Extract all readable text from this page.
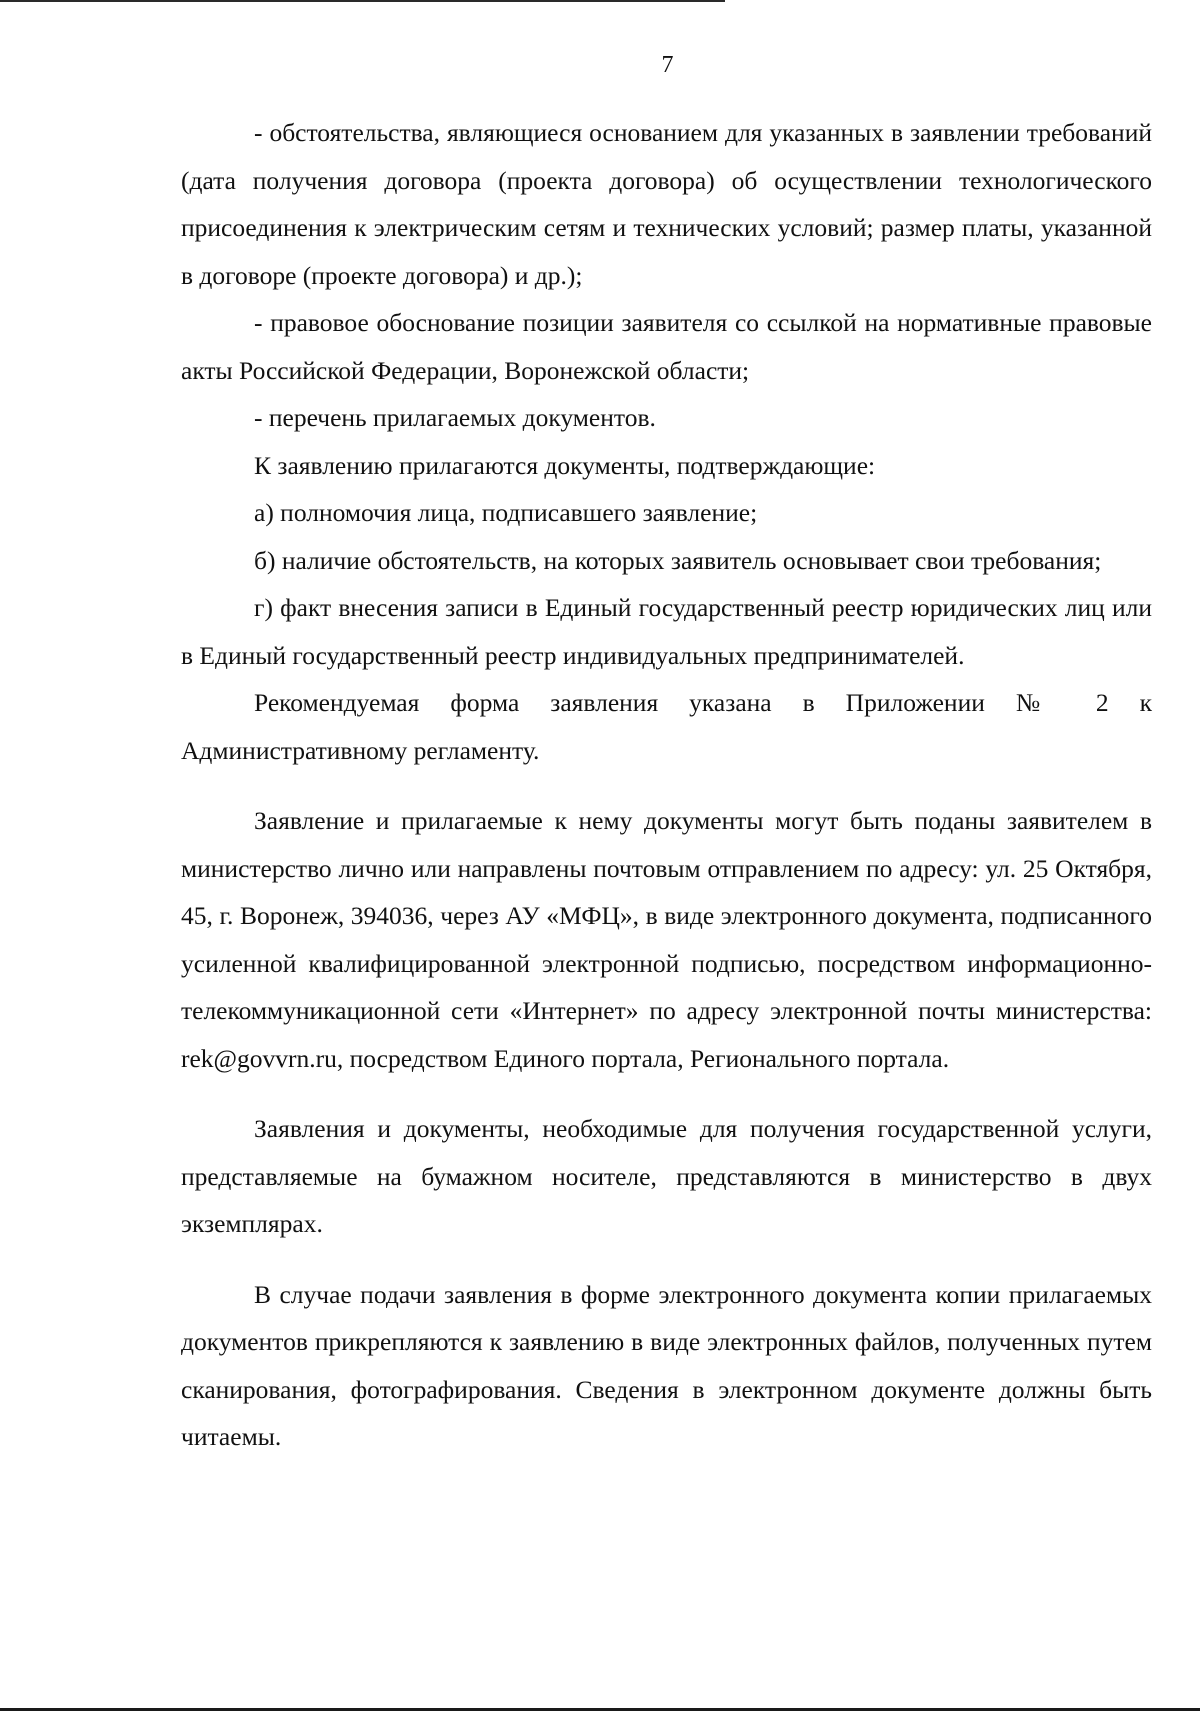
7

- обстоятельства, являющиеся основанием для указанных в заявлении требований (дата получения договора (проекта договора) об осуществлении технологического присоединения к электрическим сетям и технических условий; размер платы, указанной в договоре (проекте договора) и др.);

- правовое обоснование позиции заявителя со ссылкой на нормативные правовые акты Российской Федерации, Воронежской области;

- перечень прилагаемых документов.

К заявлению прилагаются документы, подтверждающие:

а) полномочия лица, подписавшего заявление;

б) наличие обстоятельств, на которых заявитель основывает свои требования;

г) факт внесения записи в Единый государственный реестр юридических лиц или в Единый государственный реестр индивидуальных предпринимателей.

Рекомендуемая форма заявления указана в Приложении № 2 к Административному регламенту.

Заявление и прилагаемые к нему документы могут быть поданы заявителем в министерство лично или направлены почтовым отправлением по адресу: ул. 25 Октября, 45, г. Воронеж, 394036, через АУ «МФЦ», в виде электронного документа, подписанного усиленной квалифицированной электронной подписью, посредством информационно-телекоммуникационной сети «Интернет» по адресу электронной почты министерства: rek@govvrn.ru, посредством Единого портала, Регионального портала.

Заявления и документы, необходимые для получения государственной услуги, представляемые на бумажном носителе, представляются в министерство в двух экземплярах.

В случае подачи заявления в форме электронного документа копии прилагаемых документов прикрепляются к заявлению в виде электронных файлов, полученных путем сканирования, фотографирования. Сведения в электронном документе должны быть читаемы.
